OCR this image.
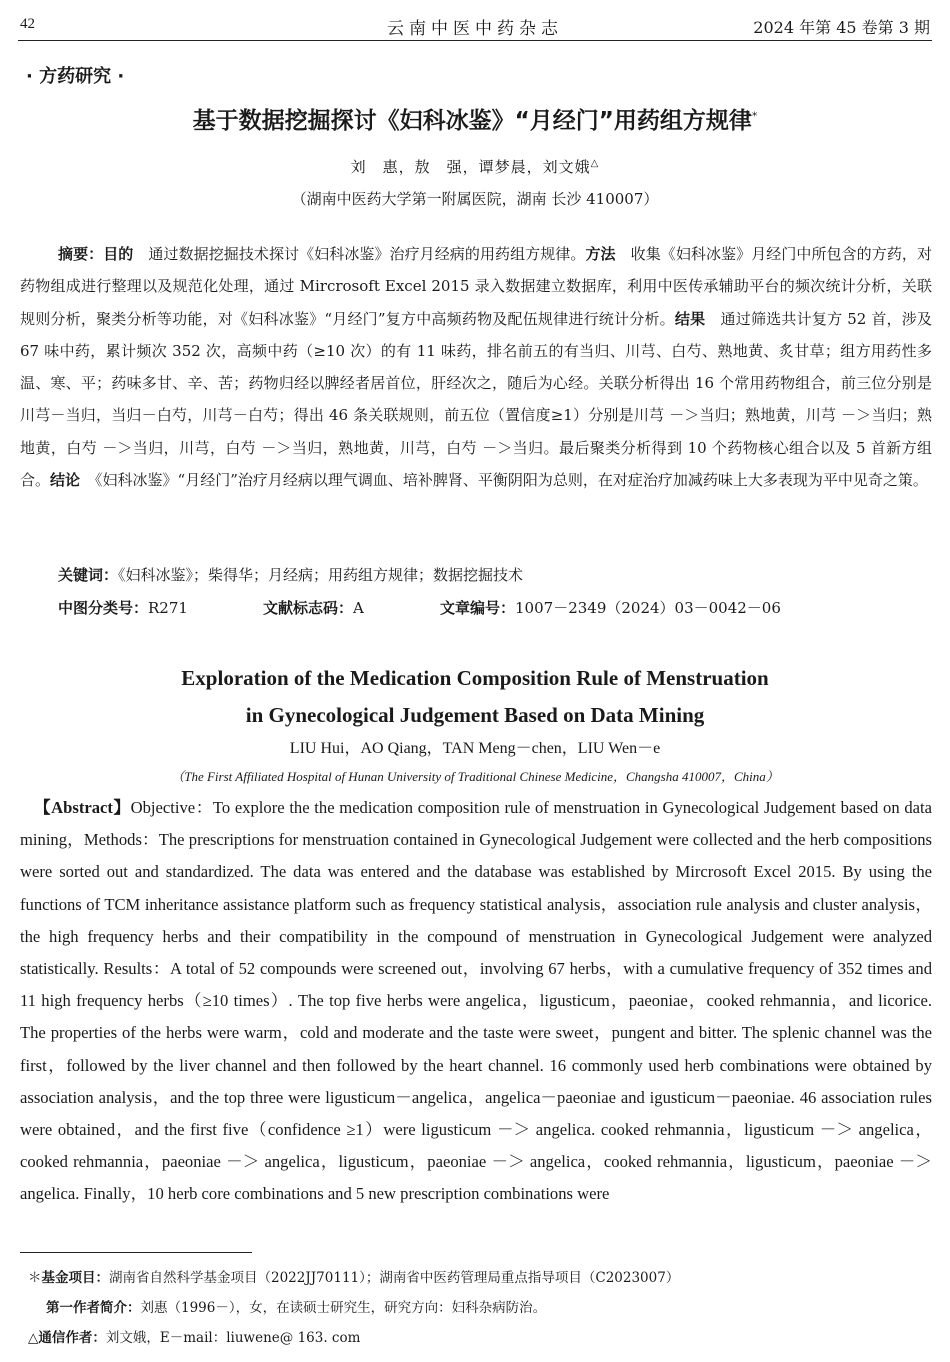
42	云南中医中药杂志	2024 年第 45 卷第 3 期
· 方药研究 ·
基于数据挖掘探讨《妇科冰鉴》“月经门”用药组方规律*
刘　惠，敖　强，谭梦晨，刘文娥△
（湖南中医药大学第一附属医院，湖南 长沙 410007）

摘要：目的　通过数据挖掘技术探讨《妇科冰鉴》治疗月经病的用药组方规律。方法　收集《妇科冰鉴》月经门中所包含的方药，对药物组成进行整理以及规范化处理，通过 Mircrosoft Excel 2015 录入数据建立数据库，利用中医传承辅助平台的频次统计分析，关联规则分析，聚类分析等功能，对《妇科冰鉴》“月经门”复方中高频药物及配伍规律进行统计分析。结果　通过筛选共计复方 52 首，涉及 67 味中药，累计频次 352 次，高频中药（≥10 次）的有 11 味药，排名前五的有当归、川芎、白芍、熟地黄、炙甘草；组方用药性多温、寒、平；药味多甘、辛、苦；药物归经以脾经者居首位，肝经次之，随后为心经。关联分析得出 16 个常用药物组合，前三位分别是川芎－当归，当归－白芍，川芎－白芍；得出 46 条关联规则，前五位（置信度≥1）分别是川芎 －＞当归；熟地黄，川芎 －＞当归；熟地黄，白芍 －＞当归，川芎，白芍 －＞当归，熟地黄，川芎，白芍 －＞当归。最后聚类分析得到 10 个药物核心组合以及 5 首新方组合。结论　《妇科冰鉴》“月经门”治疗月经病以理气调血、培补脾肾、平衡阴阳为总则，在对症治疗加减药味上大多表现为平中见奇之策。

关键词：《妇科冰鉴》；柴得华；月经病；用药组方规律；数据挖掘技术
中图分类号：R271	文献标志码：A	文章编号：1007－2349（2024）03－0042－06
Exploration of the Medication Composition Rule of Menstruation
in Gynecological Judgement Based on Data Mining
LIU Hui，AO Qiang，TAN Meng－chen，LIU Wen－e
（The First Affiliated Hospital of Hunan University of Traditional Chinese Medicine，Changsha 410007，China）

【Abstract】Objective：To explore the the medication composition rule of menstruation in Gynecological Judgement based on data mining，Methods：The prescriptions for menstruation contained in Gynecological Judgement were collected and the herb compositions were sorted out and standardized. The data was entered and the database was established by Mircrosoft Excel 2015. By using the functions of TCM inheritance assistance platform such as frequency statistical analysis，association rule analysis and cluster analysis，the high frequency herbs and their compatibility in the compound of menstruation in Gynecological Judgement were analyzed statistically. Results：A total of 52 compounds were screened out，involving 67 herbs，with a cumulative frequency of 352 times and 11 high frequency herbs（≥10 times）. The top five herbs were angelica，ligusticum，paeoniae，cooked rehmannia，and licorice. The properties of the herbs were warm，cold and moderate and the taste were sweet，pungent and bitter. The splenic channel was the first，followed by the liver channel and then followed by the heart channel. 16 commonly used herb combinations were obtained by association analysis，and the top three were ligusticum－angelica，angelica－paeoniae and igusticum－paeoniae. 46 association rules were obtained，and the first five（confidence ≥1）were ligusticum －＞ angelica. cooked rehmannia，ligusticum －＞ angelica，cooked rehmannia，paeoniae －＞ angelica，ligusticum，paeoniae －＞ angelica，cooked rehmannia，ligusticum，paeoniae －＞ angelica. Finally，10 herb core combinations and 5 new prescription combinations were

＊基金项目：湖南省自然科学基金项目（2022JJ70111）；湖南省中医药管理局重点指导项目（C2023007）
第一作者简介：刘惠（1996－），女，在读硕士研究生，研究方向：妇科杂病防治。
△通信作者：刘文娥，E－mail：liuwene@ 163. com
